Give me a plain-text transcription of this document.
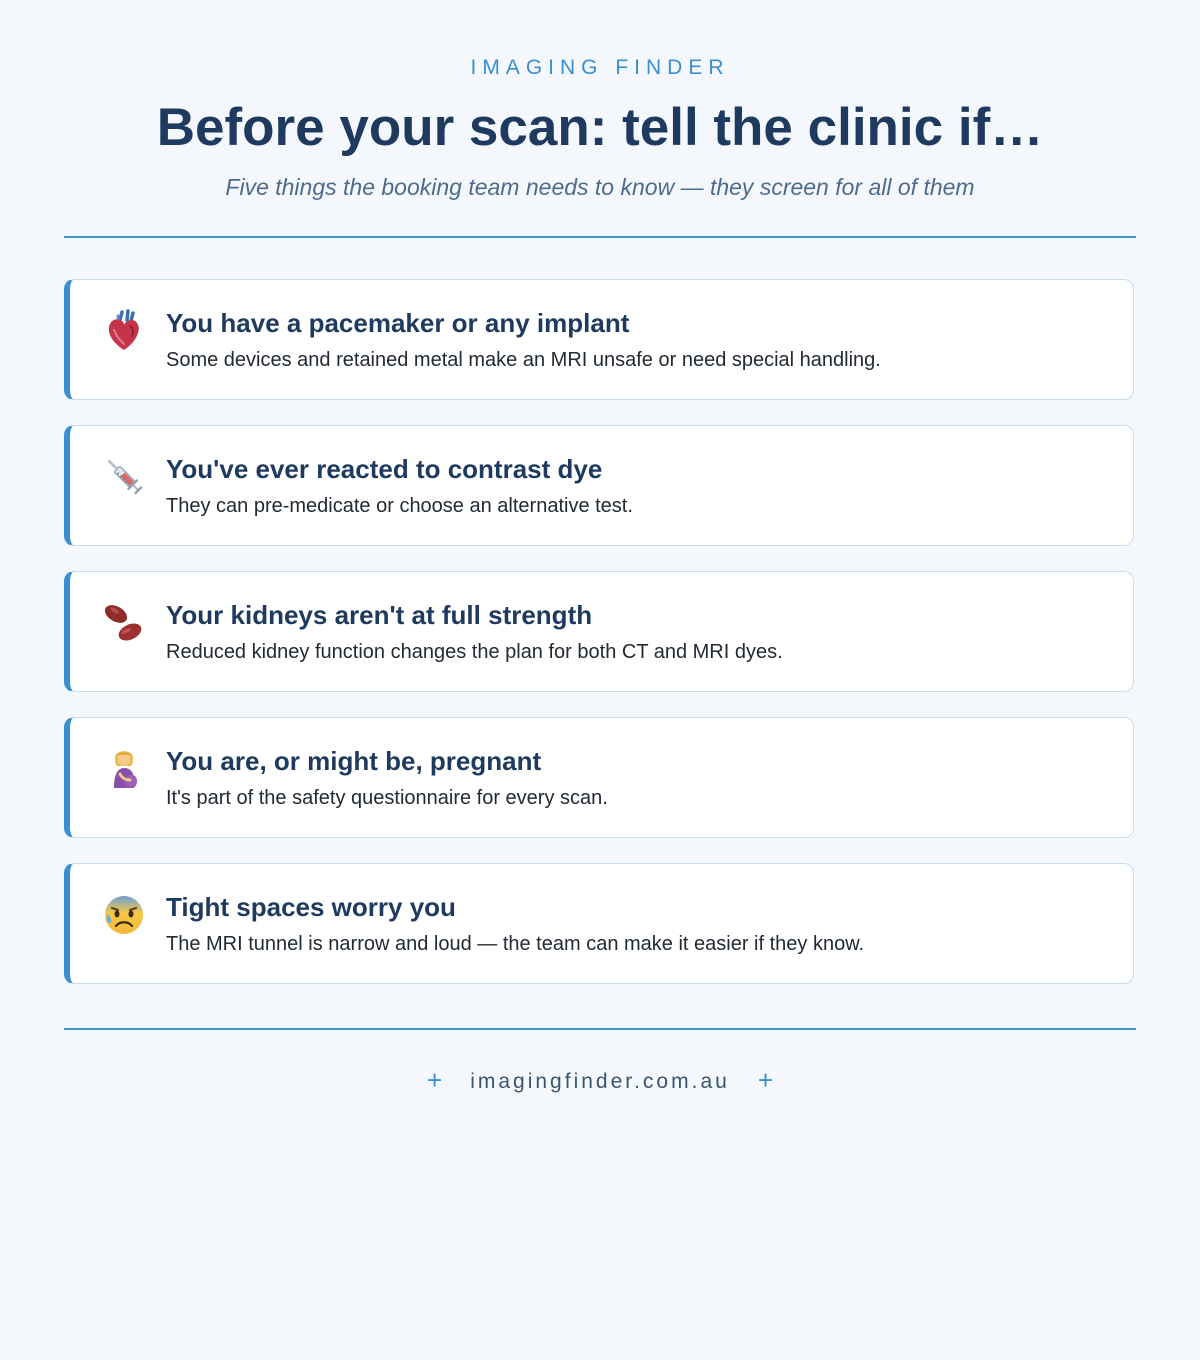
IMAGING FINDER
Before your scan: tell the clinic if…
Five things the booking team needs to know — they screen for all of them
You have a pacemaker or any implant
Some devices and retained metal make an MRI unsafe or need special handling.
You've ever reacted to contrast dye
They can pre-medicate or choose an alternative test.
Your kidneys aren't at full strength
Reduced kidney function changes the plan for both CT and MRI dyes.
You are, or might be, pregnant
It's part of the safety questionnaire for every scan.
Tight spaces worry you
The MRI tunnel is narrow and loud — the team can make it easier if they know.
+ imagingfinder.com.au +
